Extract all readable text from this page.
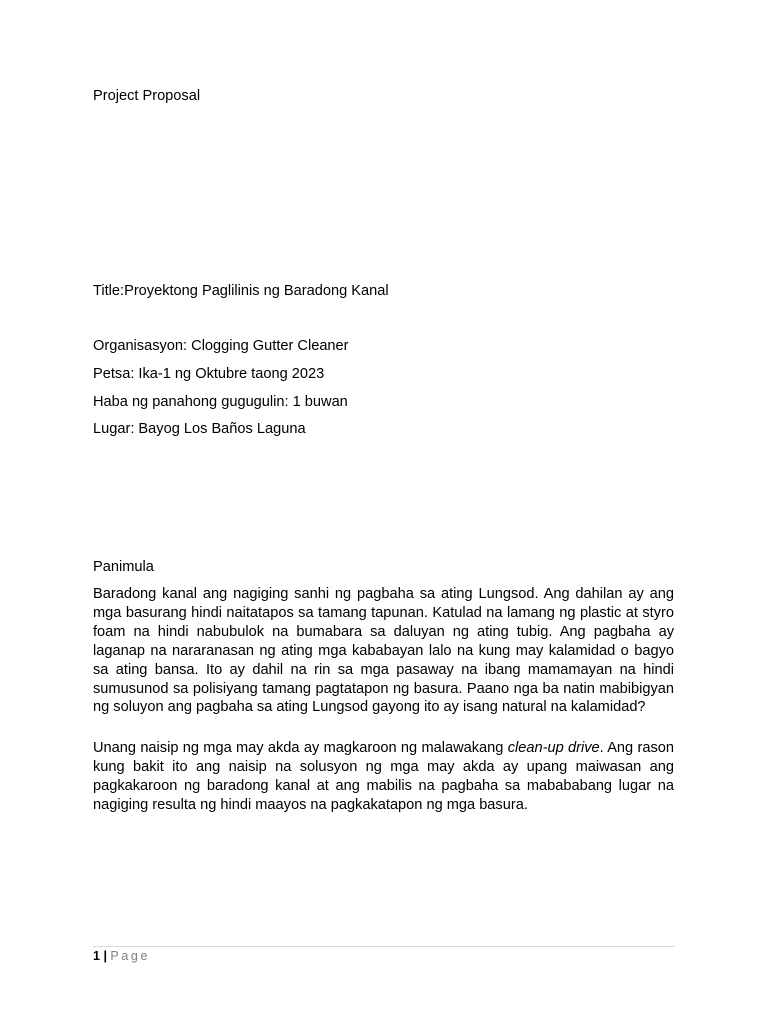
Project Proposal
Title:Proyektong Paglilinis ng Baradong Kanal
Organisasyon: Clogging Gutter Cleaner
Petsa: Ika-1 ng Oktubre taong 2023
Haba ng panahong gugugulin: 1 buwan
Lugar: Bayog Los Baños Laguna
Panimula
Baradong kanal ang nagiging sanhi ng pagbaha sa ating Lungsod. Ang dahilan ay ang mga basurang hindi naitatapos sa tamang tapunan. Katulad na lamang ng plastic at styro foam na hindi nabubulok na bumabara sa daluyan ng ating tubig. Ang pagbaha ay laganap na nararanasan ng ating mga kababayan lalo na kung may kalamidad o bagyo sa ating bansa. Ito ay dahil na rin sa mga pasaway na ibang mamamayan na hindi sumusunod sa polisiyang tamang pagtatapon ng basura. Paano nga ba natin mabibigyan ng soluyon ang pagbaha sa ating Lungsod gayong ito ay isang natural na kalamidad?
Unang naisip ng mga may akda ay magkaroon ng malawakang clean-up drive. Ang rason kung bakit ito ang naisip na solusyon ng mga may akda ay upang maiwasan ang pagkakaroon ng baradong kanal at ang mabilis na pagbaha sa mabababang lugar na nagiging resulta ng hindi maayos na pagkakatapon ng mga basura.
1 | Page
